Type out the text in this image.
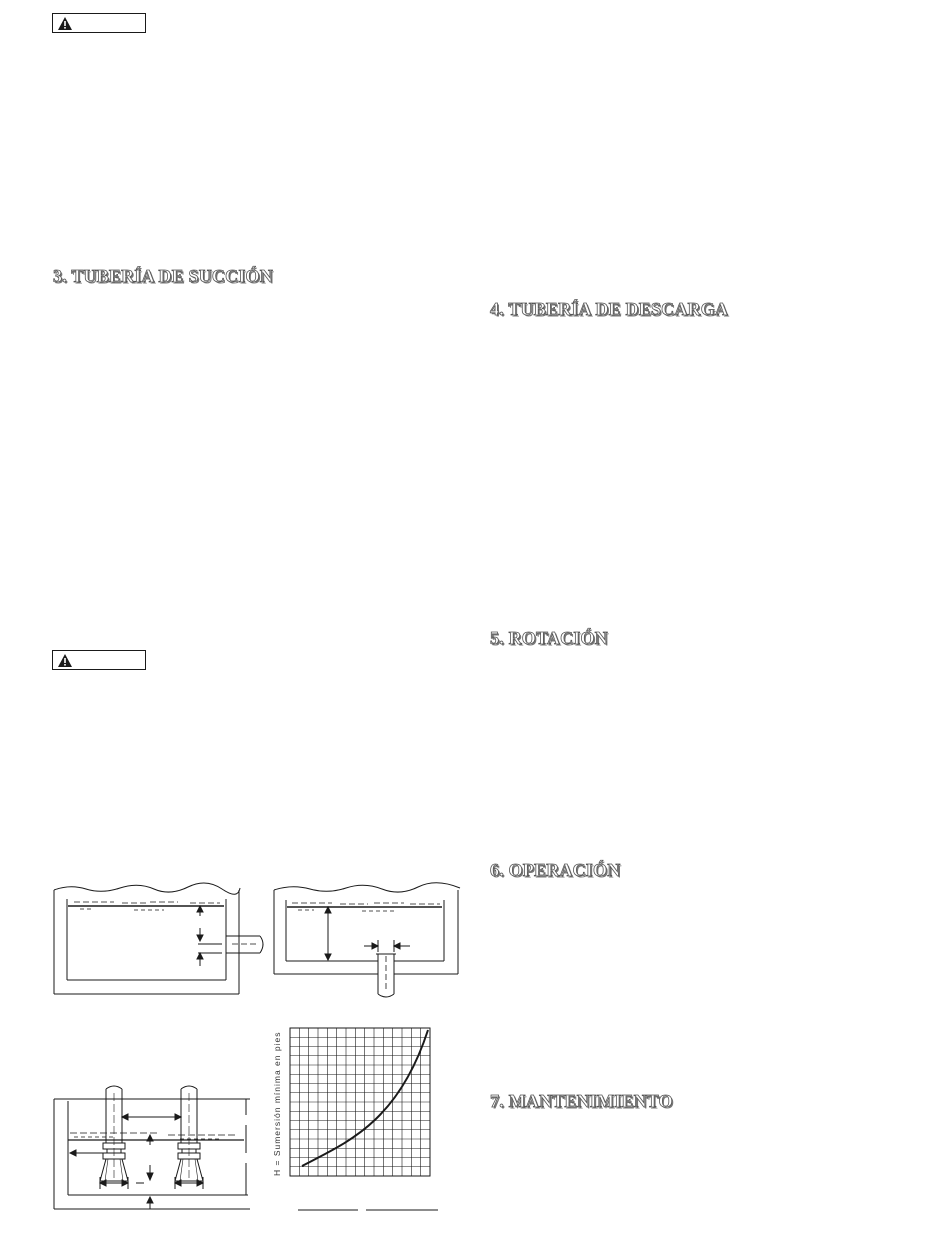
3. TUBERÍA DE SUCCIÓN
4. TUBERÍA DE DESCARGA
5. ROTACIÓN
6. OPERACIÓN
7. MANTENIMIENTO
H = Sumersión mínima en pies
